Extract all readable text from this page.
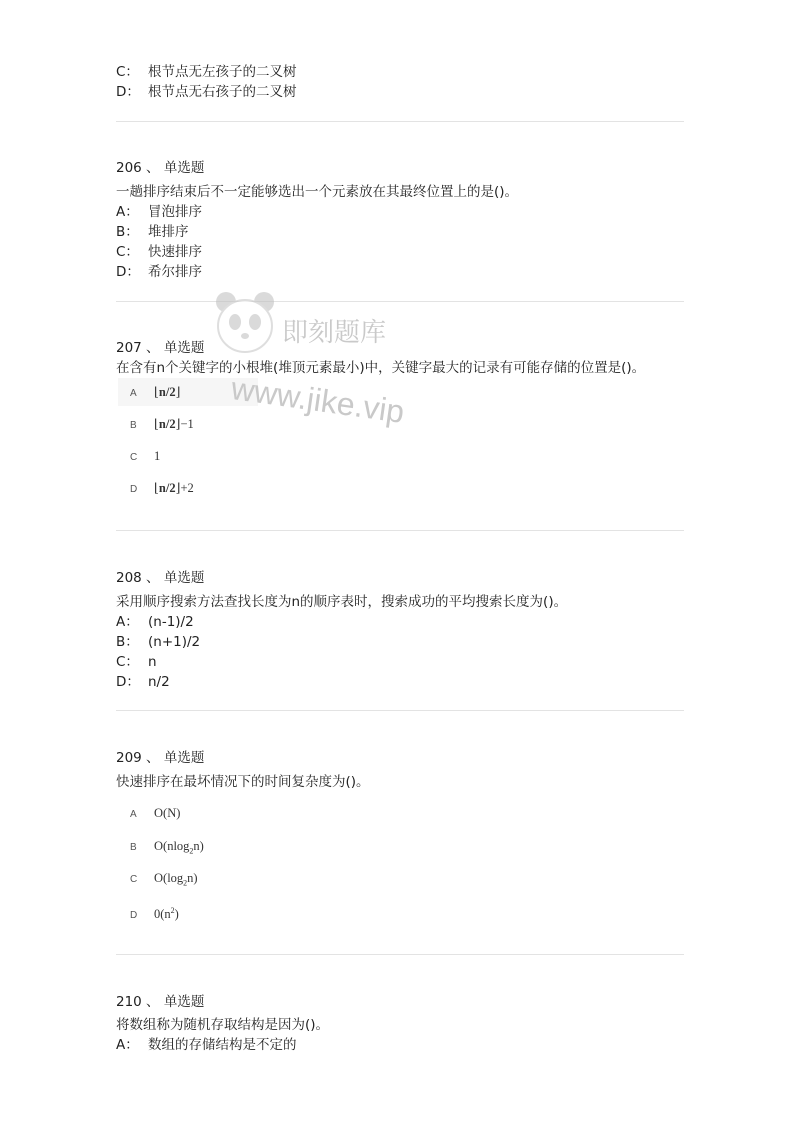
C： 根节点无左孩子的二叉树
D： 根节点无右孩子的二叉树
206 、 单选题
一趟排序结束后不一定能够选出一个元素放在其最终位置上的是()。
A： 冒泡排序
B： 堆排序
C： 快速排序
D： 希尔排序
207 、 单选题
在含有n个关键字的小根堆(堆顶元素最小)中，关键字最大的记录有可能存储的位置是()。
A ⌊n/2⌋
B ⌊n/2⌋−1
C 1
D ⌊n/2⌋+2
208 、 单选题
采用顺序搜索方法查找长度为n的顺序表时，搜索成功的平均搜索长度为()。
A： (n-1)/2
B： (n+1)/2
C： n
D： n/2
209 、 单选题
快速排序在最坏情况下的时间复杂度为()。
A O(N)
B O(nlog$_2$n)
C $O(\log_2n)$
D $0(n^2)$
210 、 单选题
将数组称为随机存取结构是因为()。
A： 数组的存储结构是不定的
即刻题库
www.jike.vip
